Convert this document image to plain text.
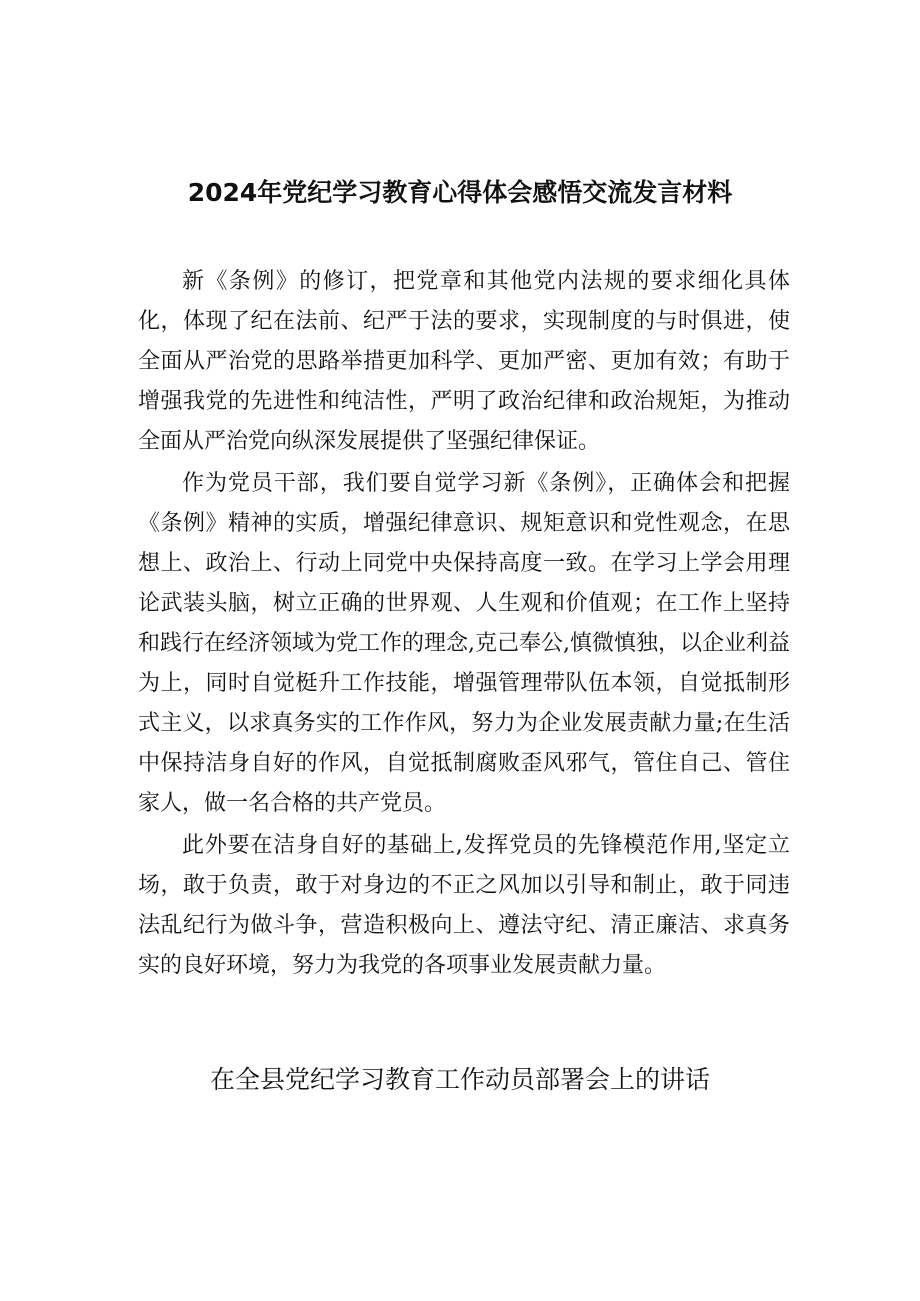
2024年党纪学习教育心得体会感悟交流发言材料

新《条例》的修订，把党章和其他党内法规的要求细化具体化，体现了纪在法前、纪严于法的要求，实现制度的与时俱进，使全面从严治党的思路举措更加科学、更加严密、更加有效；有助于增强我党的先进性和纯洁性，严明了政治纪律和政治规矩，为推动全面从严治党向纵深发展提供了坚强纪律保证。

作为党员干部，我们要自觉学习新《条例》，正确体会和把握《条例》精神的实质，增强纪律意识、规矩意识和党性观念，在思想上、政治上、行动上同党中央保持高度一致。在学习上学会用理论武装头脑，树立正确的世界观、人生观和价值观；在工作上坚持和践行在经济领域为党工作的理念,克己奉公,慎微慎独，以企业利益为上，同时自觉梃升工作技能，增强管理带队伍本领，自觉抵制形式主义，以求真务实的工作作风，努力为企业发展责献力量;在生活中保持洁身自好的作风，自觉抵制腐败歪风邪气，管住自己、管住家人，做一名合格的共产党员。

此外要在洁身自好的基础上,发挥党员的先锋模范作用,坚定立场，敢于负责，敢于对身边的不正之风加以引导和制止，敢于同违法乱纪行为做斗争，营造积极向上、遵法守纪、清正廉洁、求真务实的良好环境，努力为我党的各项事业发展责献力量。

在全县党纪学习教育工作动员部署会上的讲话
